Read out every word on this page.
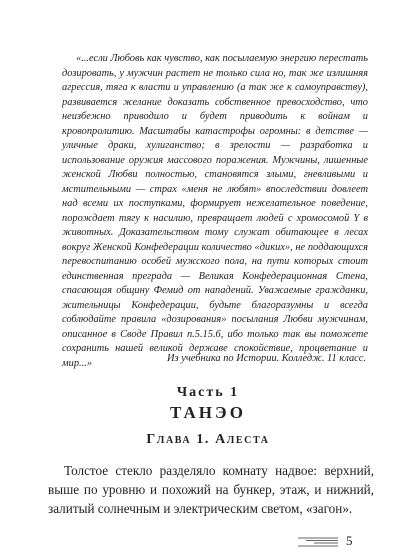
«...если Любовь как чувство, как посылаемую энергию перестать дозировать, у мужчин растет не только сила но, так же излишняя агрессия, тяга к власти и управлению (а так же к самоуправству), развивается желание доказать собственное превосходство, что неизбежно приводило и будет приводить к войнам и кровопролитию. Масштабы катастрофы огромны: в детстве — уличные драки, хулиганство; в зрелости — разработка и использование оружия массового поражения. Мужчины, лишенные женской Любви полностью, становятся злыми, гневливыми и мстительными — страх «меня не любят» впоследствии довлеет над всеми их поступками, формирует нежелательное поведение, порождает тягу к насилию, превращает людей с хромосомой Y в животных. Доказательством тому служат обитающее в лесах вокруг Женской Конфедерации количество «диких», не поддающихся перевоспитанию особей мужского пола, на пути которых стоит единственная преграда — Великая Конфедерационная Стена, спасающая общину Фемид от нападений. Уважаемые гражданки, жительницы Конфедерации, будьте благоразумны и всегда соблюдайте правила «дозирования» посылания Любви мужчинам, описанное в Своде Правил п.5.15.6, ибо только так вы поможете сохранить нашей великой державе спокойствие, процветание и мир...»	Из учебника по Истории. Колледж. 11 класс.

Часть 1
ТАНЭО
Глава 1. Алеста

Толстое стекло разделяло комнату надвое: верхний, выше по уровню и похожий на бункер, этаж, и нижний, залитый солнечным и электрическим светом, «загон».

5
